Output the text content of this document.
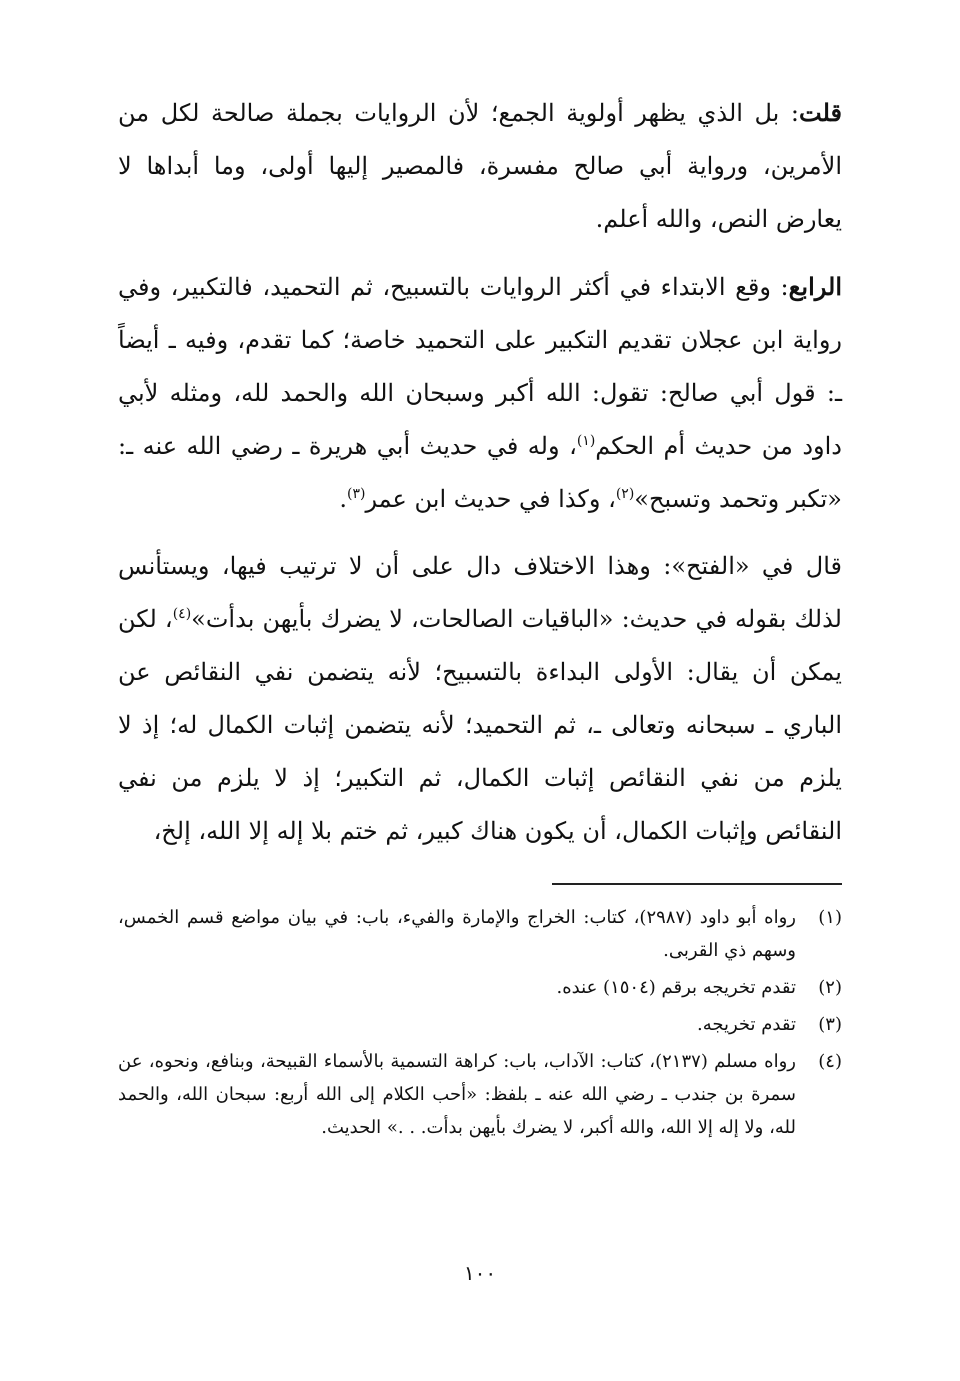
قلت: بل الذي يظهر أولوية الجمع؛ لأن الروايات بجملة صالحة لكل من الأمرين، ورواية أبي صالح مفسرة، فالمصير إليها أولى، وما أبداها لا يعارض النص، والله أعلم.

الرابع: وقع الابتداء في أكثر الروايات بالتسبيح، ثم التحميد، فالتكبير، وفي رواية ابن عجلان تقديم التكبير على التحميد خاصة؛ كما تقدم، وفيه ـ أيضاً ـ: قول أبي صالح: تقول: الله أكبر وسبحان الله والحمد لله، ومثله لأبي داود من حديث أم الحكم$^{(١)}$، وله في حديث أبي هريرة ـ رضي الله عنه ـ: «تكبر وتحمد وتسبح»$^{(٢)}$، وكذا في حديث ابن عمر$^{(٣)}$.

قال في «الفتح»: وهذا الاختلاف دال على أن لا ترتيب فيها، ويستأنس لذلك بقوله في حديث: «الباقيات الصالحات، لا يضرك بأيهن بدأت»$^{(٤)}$، لكن يمكن أن يقال: الأولى البداءة بالتسبيح؛ لأنه يتضمن نفي النقائص عن الباري ـ سبحانه وتعالى ـ، ثم التحميد؛ لأنه يتضمن إثبات الكمال له؛ إذ لا يلزم من نفي النقائص إثبات الكمال، ثم التكبير؛ إذ لا يلزم من نفي النقائص وإثبات الكمال، أن يكون هناك كبير، ثم ختم بلا إله إلا الله، إلخ،

(١)
رواه أبو داود (٢٩٨٧)، كتاب: الخراج والإمارة والفيء، باب: في بيان مواضع قسم الخمس، وسهم ذي القربى.
(٢)
تقدم تخريجه برقم (١٥٠٤) عنده.
(٣)
تقدم تخريجه.
(٤)
رواه مسلم (٢١٣٧)، كتاب: الآداب، باب: كراهة التسمية بالأسماء القبيحة، وبنافع، ونحوه، عن سمرة بن جندب ـ رضي الله عنه ـ بلفظ: «أحب الكلام إلى الله أربع: سبحان الله، والحمد لله، ولا إله إلا الله، والله أكبر، لا يضرك بأيهن بدأت. . .» الحديث.
١٠٠
